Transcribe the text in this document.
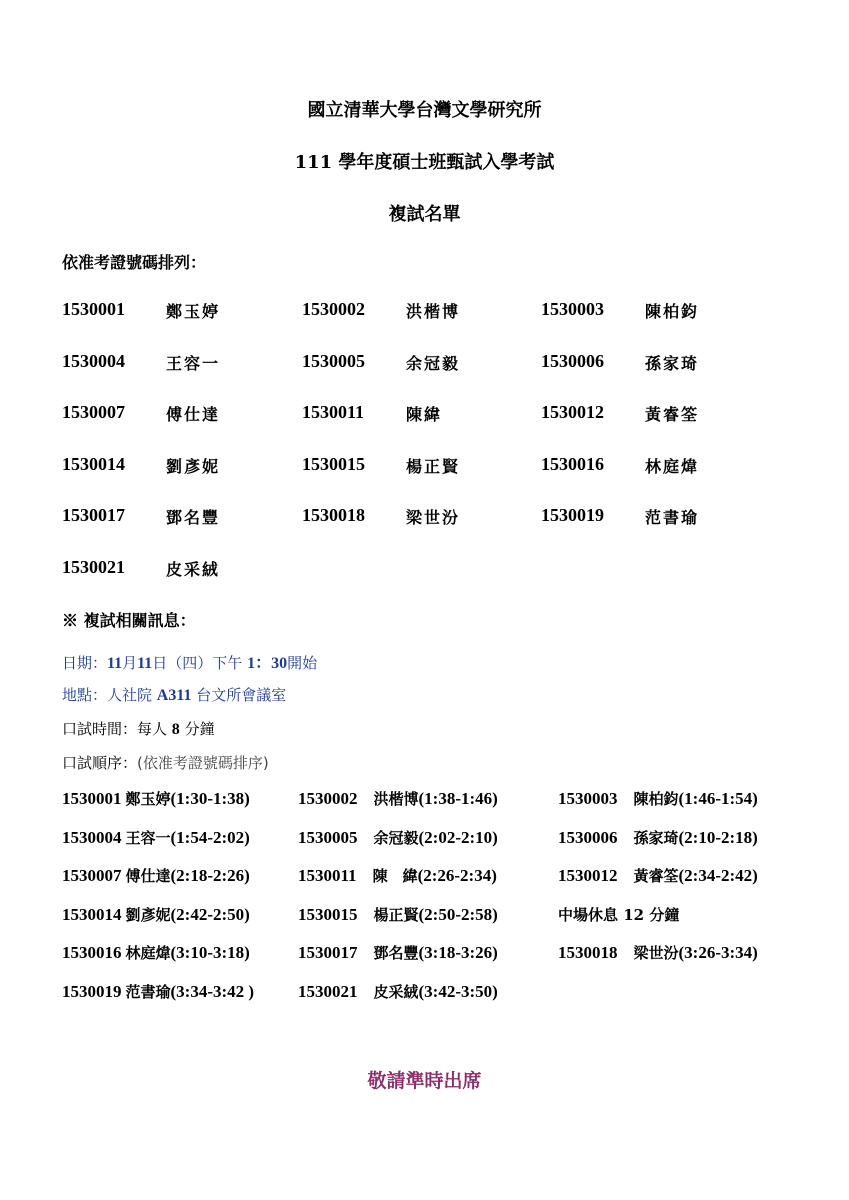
國立清華大學台灣文學研究所
111 學年度碩士班甄試入學考試
複試名單
依准考證號碼排列：
1530001	鄭玉婷	1530002	洪楷博	1530003	陳柏鈞
1530004	王容一	1530005	余冠毅	1530006	孫家琦
1530007	傅仕達	1530011	陳緯	1530012	黃睿筌
1530014	劉彥妮	1530015	楊正賢	1530016	林庭煒
1530017	鄧名豐	1530018	梁世汾	1530019	范書瑜
1530021	皮采絨
※ 複試相關訊息：
日期：11月11日（四）下午 1：30開始
地點：人社院 A311 台文所會議室
口試時間：每人 8 分鐘
口試順序：(依准考證號碼排序)
1530001 鄭玉婷(1:30-1:38)	1530002 洪楷博(1:38-1:46)	1530003 陳柏鈞(1:46-1:54)
1530004 王容一(1:54-2:02)	1530005 余冠毅(2:02-2:10)	1530006 孫家琦(2:10-2:18)
1530007 傅仕達(2:18-2:26)	1530011 陳　緯(2:26-2:34)	1530012 黃睿筌(2:34-2:42)
1530014 劉彥妮(2:42-2:50)	1530015 楊正賢(2:50-2:58)	中場休息 12 分鐘
1530016 林庭煒(3:10-3:18)	1530017 鄧名豐(3:18-3:26)	1530018 梁世汾(3:26-3:34)
1530019 范書瑜(3:34-3:42 )	1530021 皮采絨(3:42-3:50)
敬請準時出席
